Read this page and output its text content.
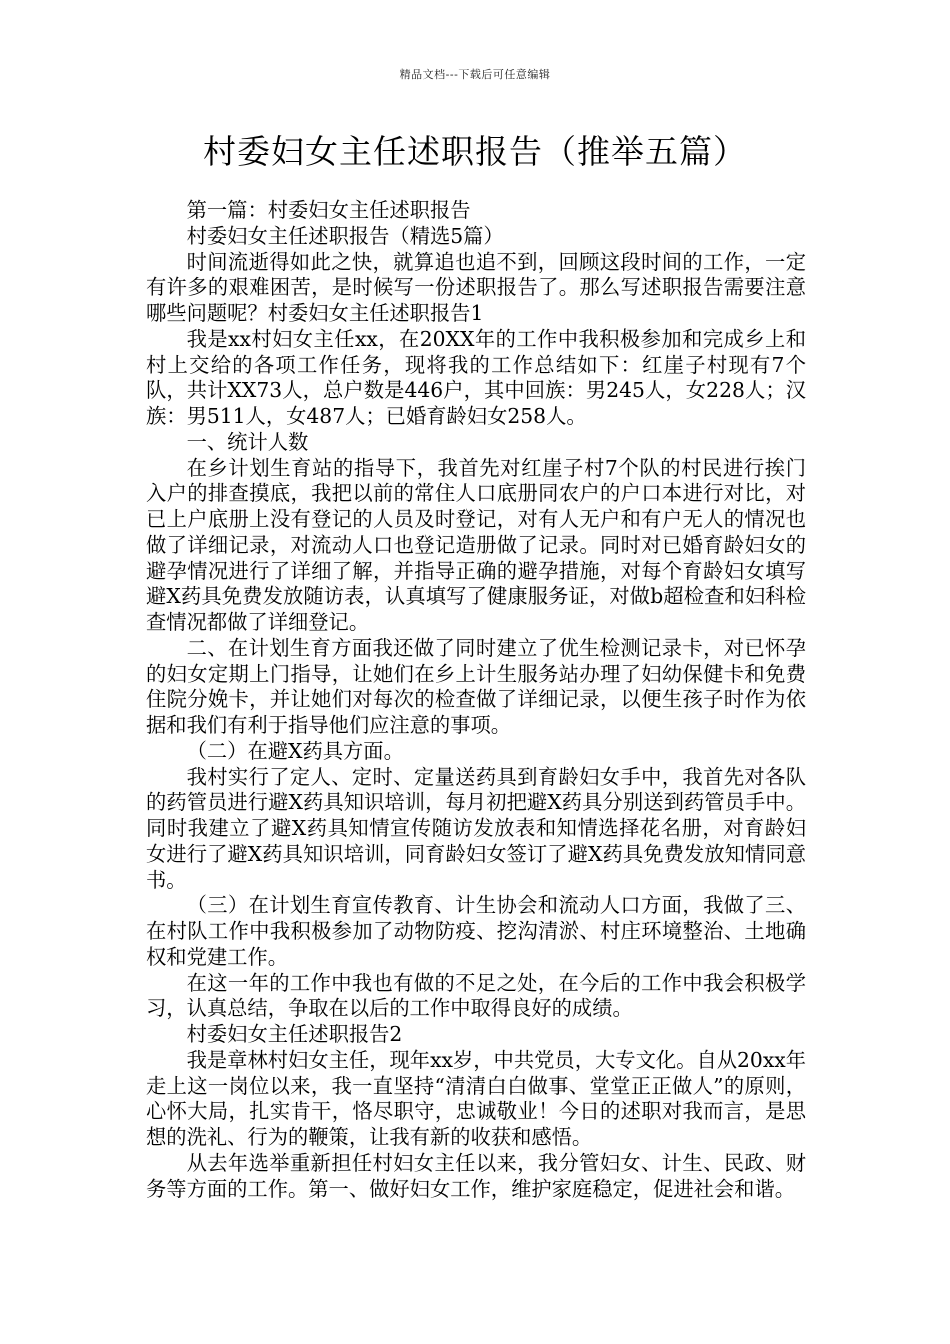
精品文档---下载后可任意编辑
村委妇女主任述职报告（推举五篇）

第一篇：村委妇女主任述职报告

村委妇女主任述职报告（精选5篇）

时间流逝得如此之快，就算追也追不到，回顾这段时间的工作，一定有许多的艰难困苦，是时候写一份述职报告了。那么写述职报告需要注意哪些问题呢？村委妇女主任述职报告1

我是xx村妇女主任xx，在20XX年的工作中我积极参加和完成乡上和村上交给的各项工作任务，现将我的工作总结如下：红崖子村现有7个队，共计XX73人，总户数是446户，其中回族：男245人，女228人；汉族：男511人，女487人；已婚育龄妇女258人。

一、统计人数

在乡计划生育站的指导下，我首先对红崖子村7个队的村民进行挨门入户的排查摸底，我把以前的常住人口底册同农户的户口本进行对比，对已上户底册上没有登记的人员及时登记，对有人无户和有户无人的情况也做了详细记录，对流动人口也登记造册做了记录。同时对已婚育龄妇女的避孕情况进行了详细了解，并指导正确的避孕措施，对每个育龄妇女填写避X药具免费发放随访表，认真填写了健康服务证，对做b超检查和妇科检查情况都做了详细登记。

二、在计划生育方面我还做了同时建立了优生检测记录卡，对已怀孕的妇女定期上门指导，让她们在乡上计生服务站办理了妇幼保健卡和免费住院分娩卡，并让她们对每次的检查做了详细记录，以便生孩子时作为依据和我们有利于指导他们应注意的事项。

（二）在避X药具方面。

我村实行了定人、定时、定量送药具到育龄妇女手中，我首先对各队的药管员进行避X药具知识培训，每月初把避X药具分别送到药管员手中。同时我建立了避X药具知情宣传随访发放表和知情选择花名册，对育龄妇女进行了避X药具知识培训，同育龄妇女签订了避X药具免费发放知情同意书。

（三）在计划生育宣传教育、计生协会和流动人口方面，我做了三、在村队工作中我积极参加了动物防疫、挖沟清淤、村庄环境整治、土地确权和党建工作。

在这一年的工作中我也有做的不足之处，在今后的工作中我会积极学习，认真总结，争取在以后的工作中取得良好的成绩。

村委妇女主任述职报告2

我是章林村妇女主任，现年xx岁，中共党员，大专文化。自从20xx年走上这一岗位以来，我一直坚持“清清白白做事、堂堂正正做人”的原则，心怀大局，扎实肯干，恪尽职守，忠诚敬业！今日的述职对我而言，是思想的洗礼、行为的鞭策，让我有新的收获和感悟。

从去年选举重新担任村妇女主任以来，我分管妇女、计生、民政、财务等方面的工作。第一、做好妇女工作，维护家庭稳定，促进社会和谐。
